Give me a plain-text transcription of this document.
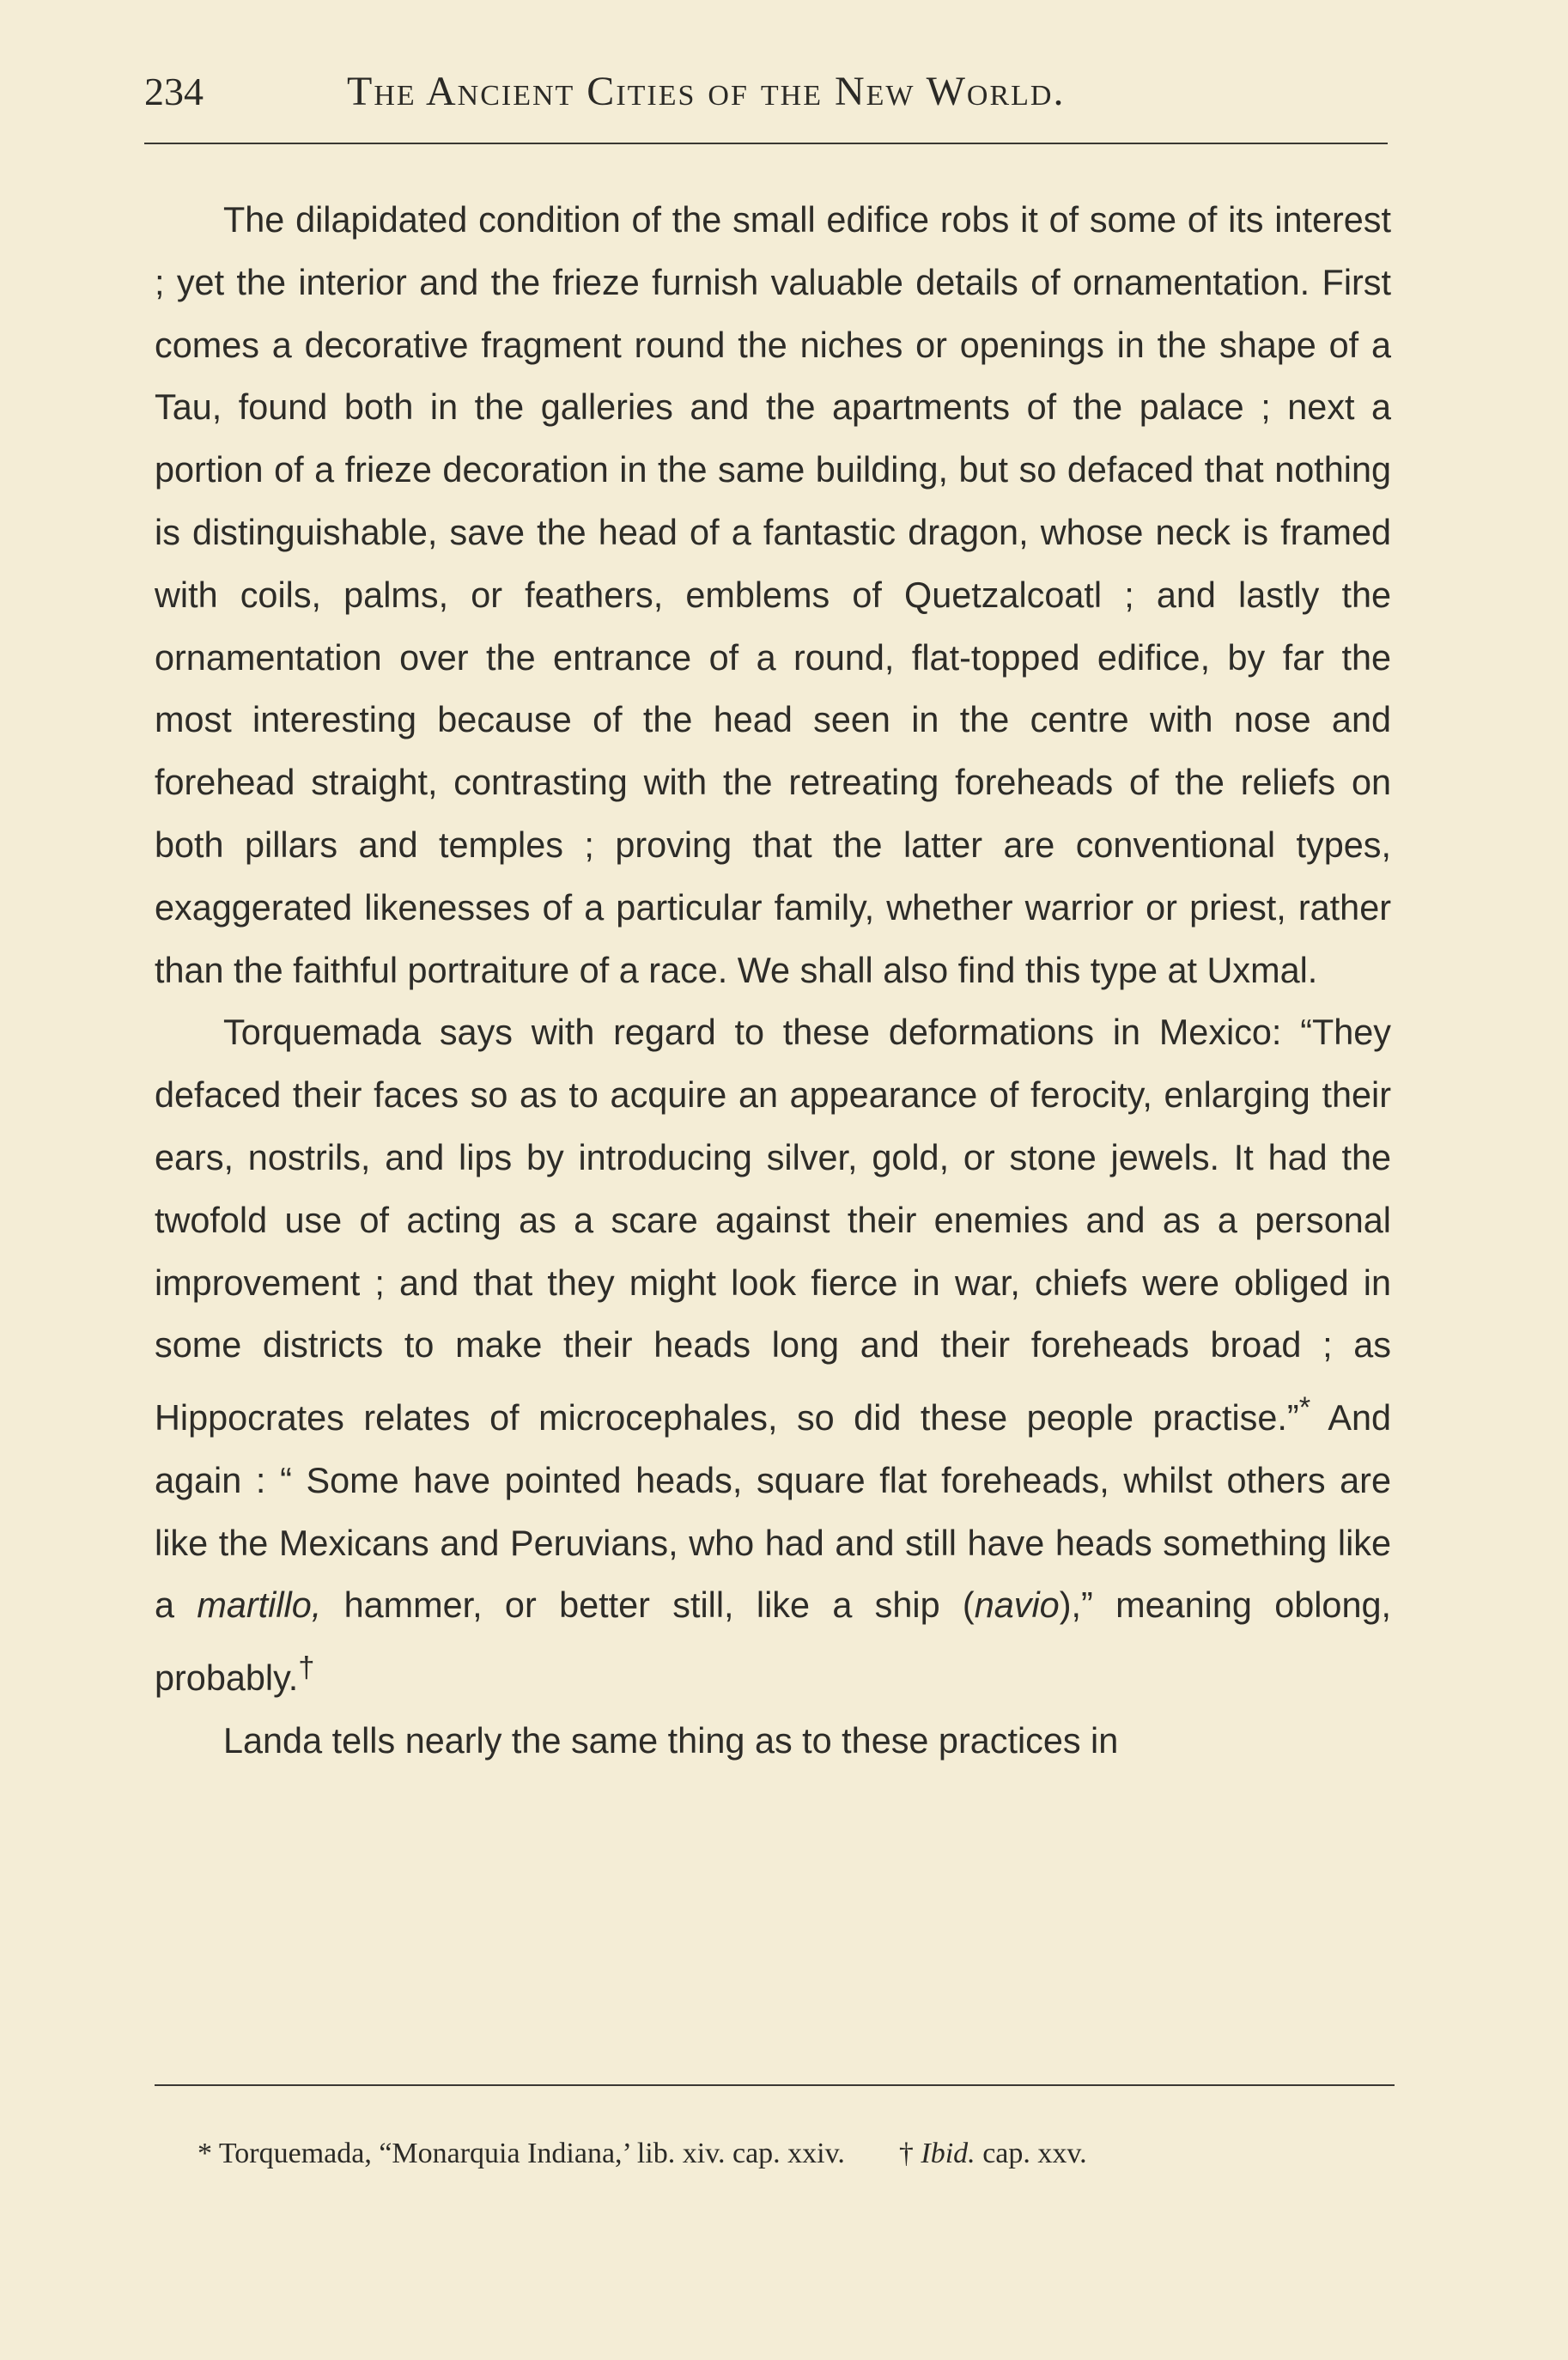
234	The Ancient Cities of the New World.

The dilapidated condition of the small edifice robs it of some of its interest ; yet the interior and the frieze furnish valuable details of ornamentation. First comes a decorative fragment round the niches or openings in the shape of a Tau, found both in the galleries and the apartments of the palace ; next a portion of a frieze decoration in the same building, but so defaced that nothing is distinguishable, save the head of a fantastic dragon, whose neck is framed with coils, palms, or feathers, emblems of Quetzalcoatl ; and lastly the ornamentation over the entrance of a round, flat-topped edifice, by far the most interesting because of the head seen in the centre with nose and forehead straight, contrasting with the retreating foreheads of the reliefs on both pillars and temples ; proving that the latter are conventional types, exaggerated likenesses of a particular family, whether warrior or priest, rather than the faithful portraiture of a race. We shall also find this type at Uxmal.

Torquemada says with regard to these deformations in Mexico: “They defaced their faces so as to acquire an appearance of ferocity, enlarging their ears, nostrils, and lips by introducing silver, gold, or stone jewels. It had the twofold use of acting as a scare against their enemies and as a personal improvement ; and that they might look fierce in war, chiefs were obliged in some districts to make their heads long and their foreheads broad ; as Hippocrates relates of microcephales, so did these people practise.”* And again : “ Some have pointed heads, square flat foreheads, whilst others are like the Mexicans and Peruvians, who had and still have heads something like a martillo, hammer, or better still, like a ship (navio),” meaning oblong, probably.†

Landa tells nearly the same thing as to these practices in

* Torquemada, “Monarquia Indiana,’ lib. xiv. cap. xxiv. † Ibid. cap. xxv.
